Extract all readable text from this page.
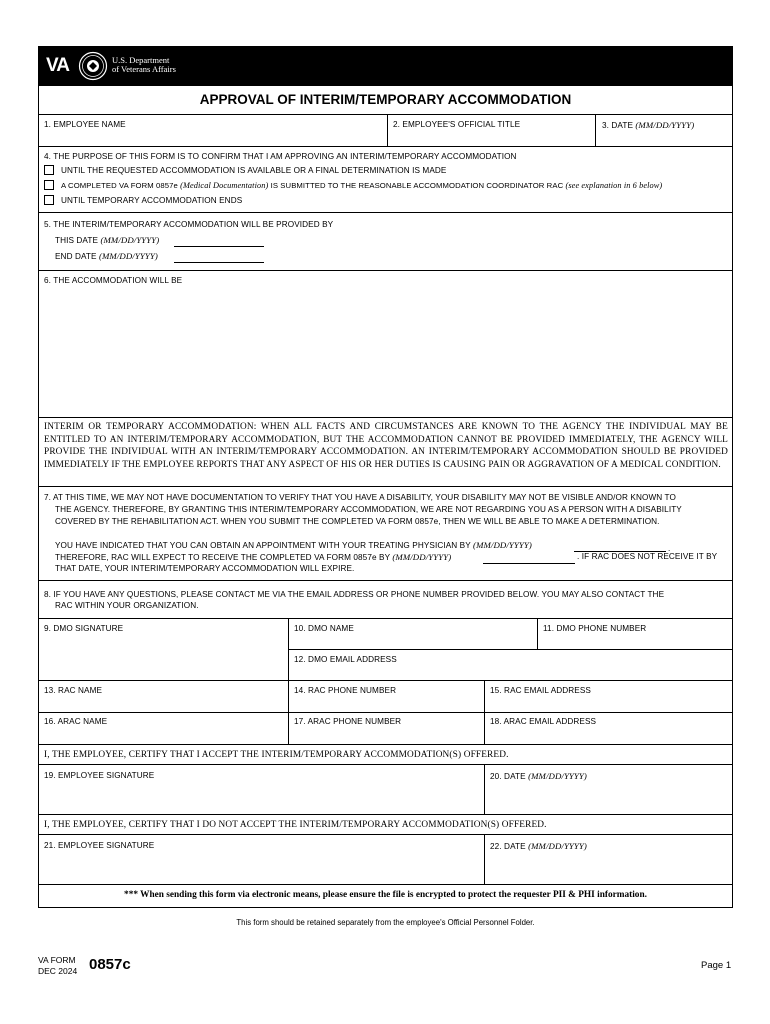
VA	U.S. Department
of Veterans Affairs
APPROVAL OF INTERIM/TEMPORARY ACCOMMODATION
1. EMPLOYEE NAME	2. EMPLOYEE'S OFFICIAL TITLE	3. DATE (MM/DD/YYYY)
4. THE PURPOSE OF THIS FORM IS TO CONFIRM THAT I AM APPROVING AN INTERIM/TEMPORARY ACCOMMODATION
UNTIL THE REQUESTED ACCOMMODATION IS AVAILABLE OR A FINAL DETERMINATION IS MADE
A COMPLETED VA FORM 0857e (Medical Documentation) IS SUBMITTED TO THE REASONABLE ACCOMMODATION COORDINATOR RAC (see explanation in 6 below)
UNTIL TEMPORARY ACCOMMODATION ENDS
5. THE INTERIM/TEMPORARY ACCOMMODATION WILL BE PROVIDED BY
THIS DATE (MM/DD/YYYY)
END DATE (MM/DD/YYYY)
6. THE ACCOMMODATION WILL BE
INTERIM OR TEMPORARY ACCOMMODATION: WHEN ALL FACTS AND CIRCUMSTANCES ARE KNOWN TO THE AGENCY THE INDIVIDUAL MAY BE ENTITLED TO AN INTERIM/TEMPORARY ACCOMMODATION, BUT THE ACCOMMODATION CANNOT BE PROVIDED IMMEDIATELY, THE AGENCY WILL PROVIDE THE INDIVIDUAL WITH AN INTERIM/TEMPORARY ACCOMMODATION. AN INTERIM/TEMPORARY ACCOMMODATION SHOULD BE PROVIDED IMMEDIATELY IF THE EMPLOYEE REPORTS THAT ANY ASPECT OF HIS OR HER DUTIES IS CAUSING PAIN OR AGGRAVATION OF A MEDICAL CONDITION.
7. AT THIS TIME, WE MAY NOT HAVE DOCUMENTATION TO VERIFY THAT YOU HAVE A DISABILITY, YOUR DISABILITY MAY NOT BE VISIBLE AND/OR KNOWN TO
THE AGENCY. THEREFORE, BY GRANTING THIS INTERIM/TEMPORARY ACCOMMODATION, WE ARE NOT REGARDING YOU AS A PERSON WITH A DISABILITY
COVERED BY THE REHABILITATION ACT. WHEN YOU SUBMIT THE COMPLETED VA FORM 0857e, THEN WE WILL BE ABLE TO MAKE A DETERMINATION.
YOU HAVE INDICATED THAT YOU CAN OBTAIN AN APPOINTMENT WITH YOUR TREATING PHYSICIAN BY (MM/DD/YYYY)	.
THEREFORE, RAC WILL EXPECT TO RECEIVE THE COMPLETED VA FORM 0857e BY (MM/DD/YYYY)	. IF RAC DOES NOT RECEIVE IT BY
THAT DATE, YOUR INTERIM/TEMPORARY ACCOMMODATION WILL EXPIRE.
8. IF YOU HAVE ANY QUESTIONS, PLEASE CONTACT ME VIA THE EMAIL ADDRESS OR PHONE NUMBER PROVIDED BELOW. YOU MAY ALSO CONTACT THE
RAC WITHIN YOUR ORGANIZATION.
9. DMO SIGNATURE	10. DMO NAME	11. DMO PHONE NUMBER
12. DMO EMAIL ADDRESS
13. RAC NAME	14. RAC PHONE NUMBER	15. RAC EMAIL ADDRESS
16. ARAC NAME	17. ARAC PHONE NUMBER	18. ARAC EMAIL ADDRESS
I, THE EMPLOYEE, CERTIFY THAT I ACCEPT THE INTERIM/TEMPORARY ACCOMMODATION(S) OFFERED.
19. EMPLOYEE SIGNATURE	20. DATE (MM/DD/YYYY)
I, THE EMPLOYEE, CERTIFY THAT I DO NOT ACCEPT THE INTERIM/TEMPORARY ACCOMMODATION(S) OFFERED.
21. EMPLOYEE SIGNATURE	22. DATE (MM/DD/YYYY)
*** When sending this form via electronic means, please ensure the file is encrypted to protect the requester PII & PHI information.
This form should be retained separately from the employee's Official Personnel Folder.
VA FORM
DEC 2024 0857c	Page 1
